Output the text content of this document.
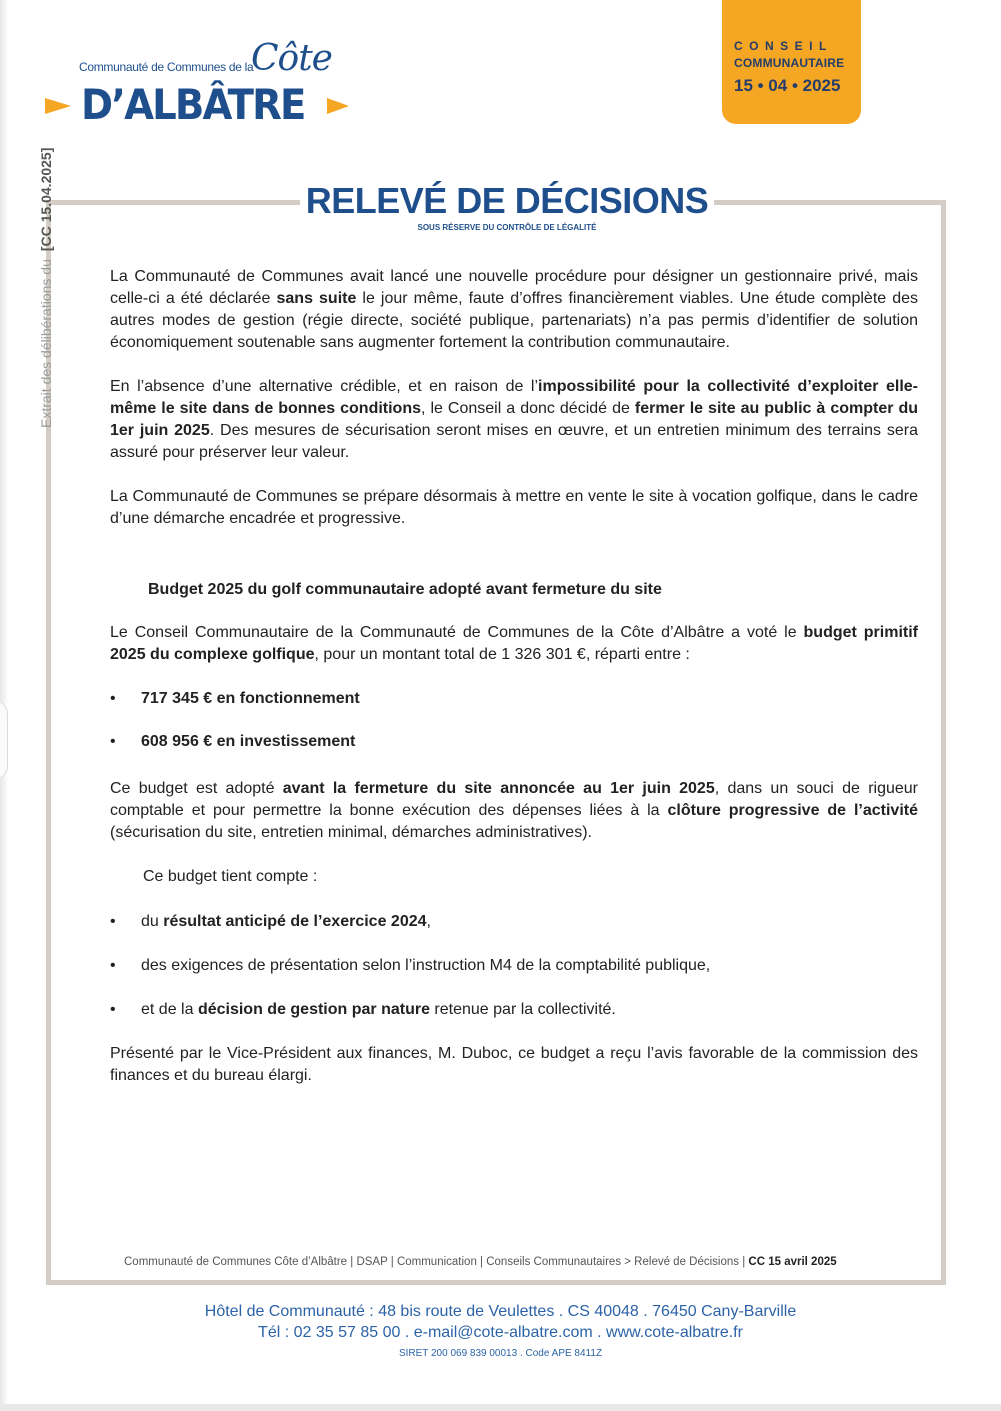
Communauté de Communes de la
Côte
D’ALBÂTRE
CONSEIL
COMMUNAUTAIRE
15 • 04 • 2025
RELEVÉ DE DÉCISIONS
SOUS RÉSERVE DU CONTRÔLE DE LÉGALITÉ
Extrait des délibérations du[CC 15.04.2025]

La Communauté de Communes avait lancé une nouvelle procédure pour désigner un gestionnaire privé, mais celle-ci a été déclarée sans suite le jour même, faute d’offres financièrement viables. Une étude complète des autres modes de gestion (régie directe, société publique, partenariats) n’a pas permis d’identifier de solution économiquement soutenable sans augmenter fortement la contribution communautaire.

En l’absence d’une alternative crédible, et en raison de l’impossibilité pour la collectivité d’exploiter elle-même le site dans de bonnes conditions, le Conseil a donc décidé de fermer le site au public à compter du 1er juin 2025. Des mesures de sécurisation seront mises en œuvre, et un entretien minimum des terrains sera assuré pour préserver leur valeur.

La Communauté de Communes se prépare désormais à mettre en vente le site à vocation golfique, dans le cadre d’une démarche encadrée et progressive.

Budget 2025 du golf communautaire adopté avant fermeture du site

Le Conseil Communautaire de la Communauté de Communes de la Côte d’Albâtre a voté le budget primitif 2025 du complexe golfique, pour un montant total de 1 326 301 €, réparti entre :

• 717 345 € en fonctionnement
• 608 956 € en investissement

Ce budget est adopté avant la fermeture du site annoncée au 1er juin 2025, dans un souci de rigueur comptable et pour permettre la bonne exécution des dépenses liées à la clôture progressive de l’activité (sécurisation du site, entretien minimal, démarches administratives).

Ce budget tient compte :

• du résultat anticipé de l’exercice 2024,
• des exigences de présentation selon l’instruction M4 de la comptabilité publique,
• et de la décision de gestion par nature retenue par la collectivité.

Présenté par le Vice-Président aux finances, M. Duboc, ce budget a reçu l’avis favorable de la commission des finances et du bureau élargi.

Communauté de Communes Côte d’Albâtre | DSAP | Communication | Conseils Communautaires > Relevé de Décisions | CC 15 avril 2025
Hôtel de Communauté : 48 bis route de Veulettes . CS 40048 . 76450 Cany-Barville
Tél : 02 35 57 85 00 . e-mail@cote-albatre.com . www.cote-albatre.fr
SIRET 200 069 839 00013 . Code APE 8411Z
